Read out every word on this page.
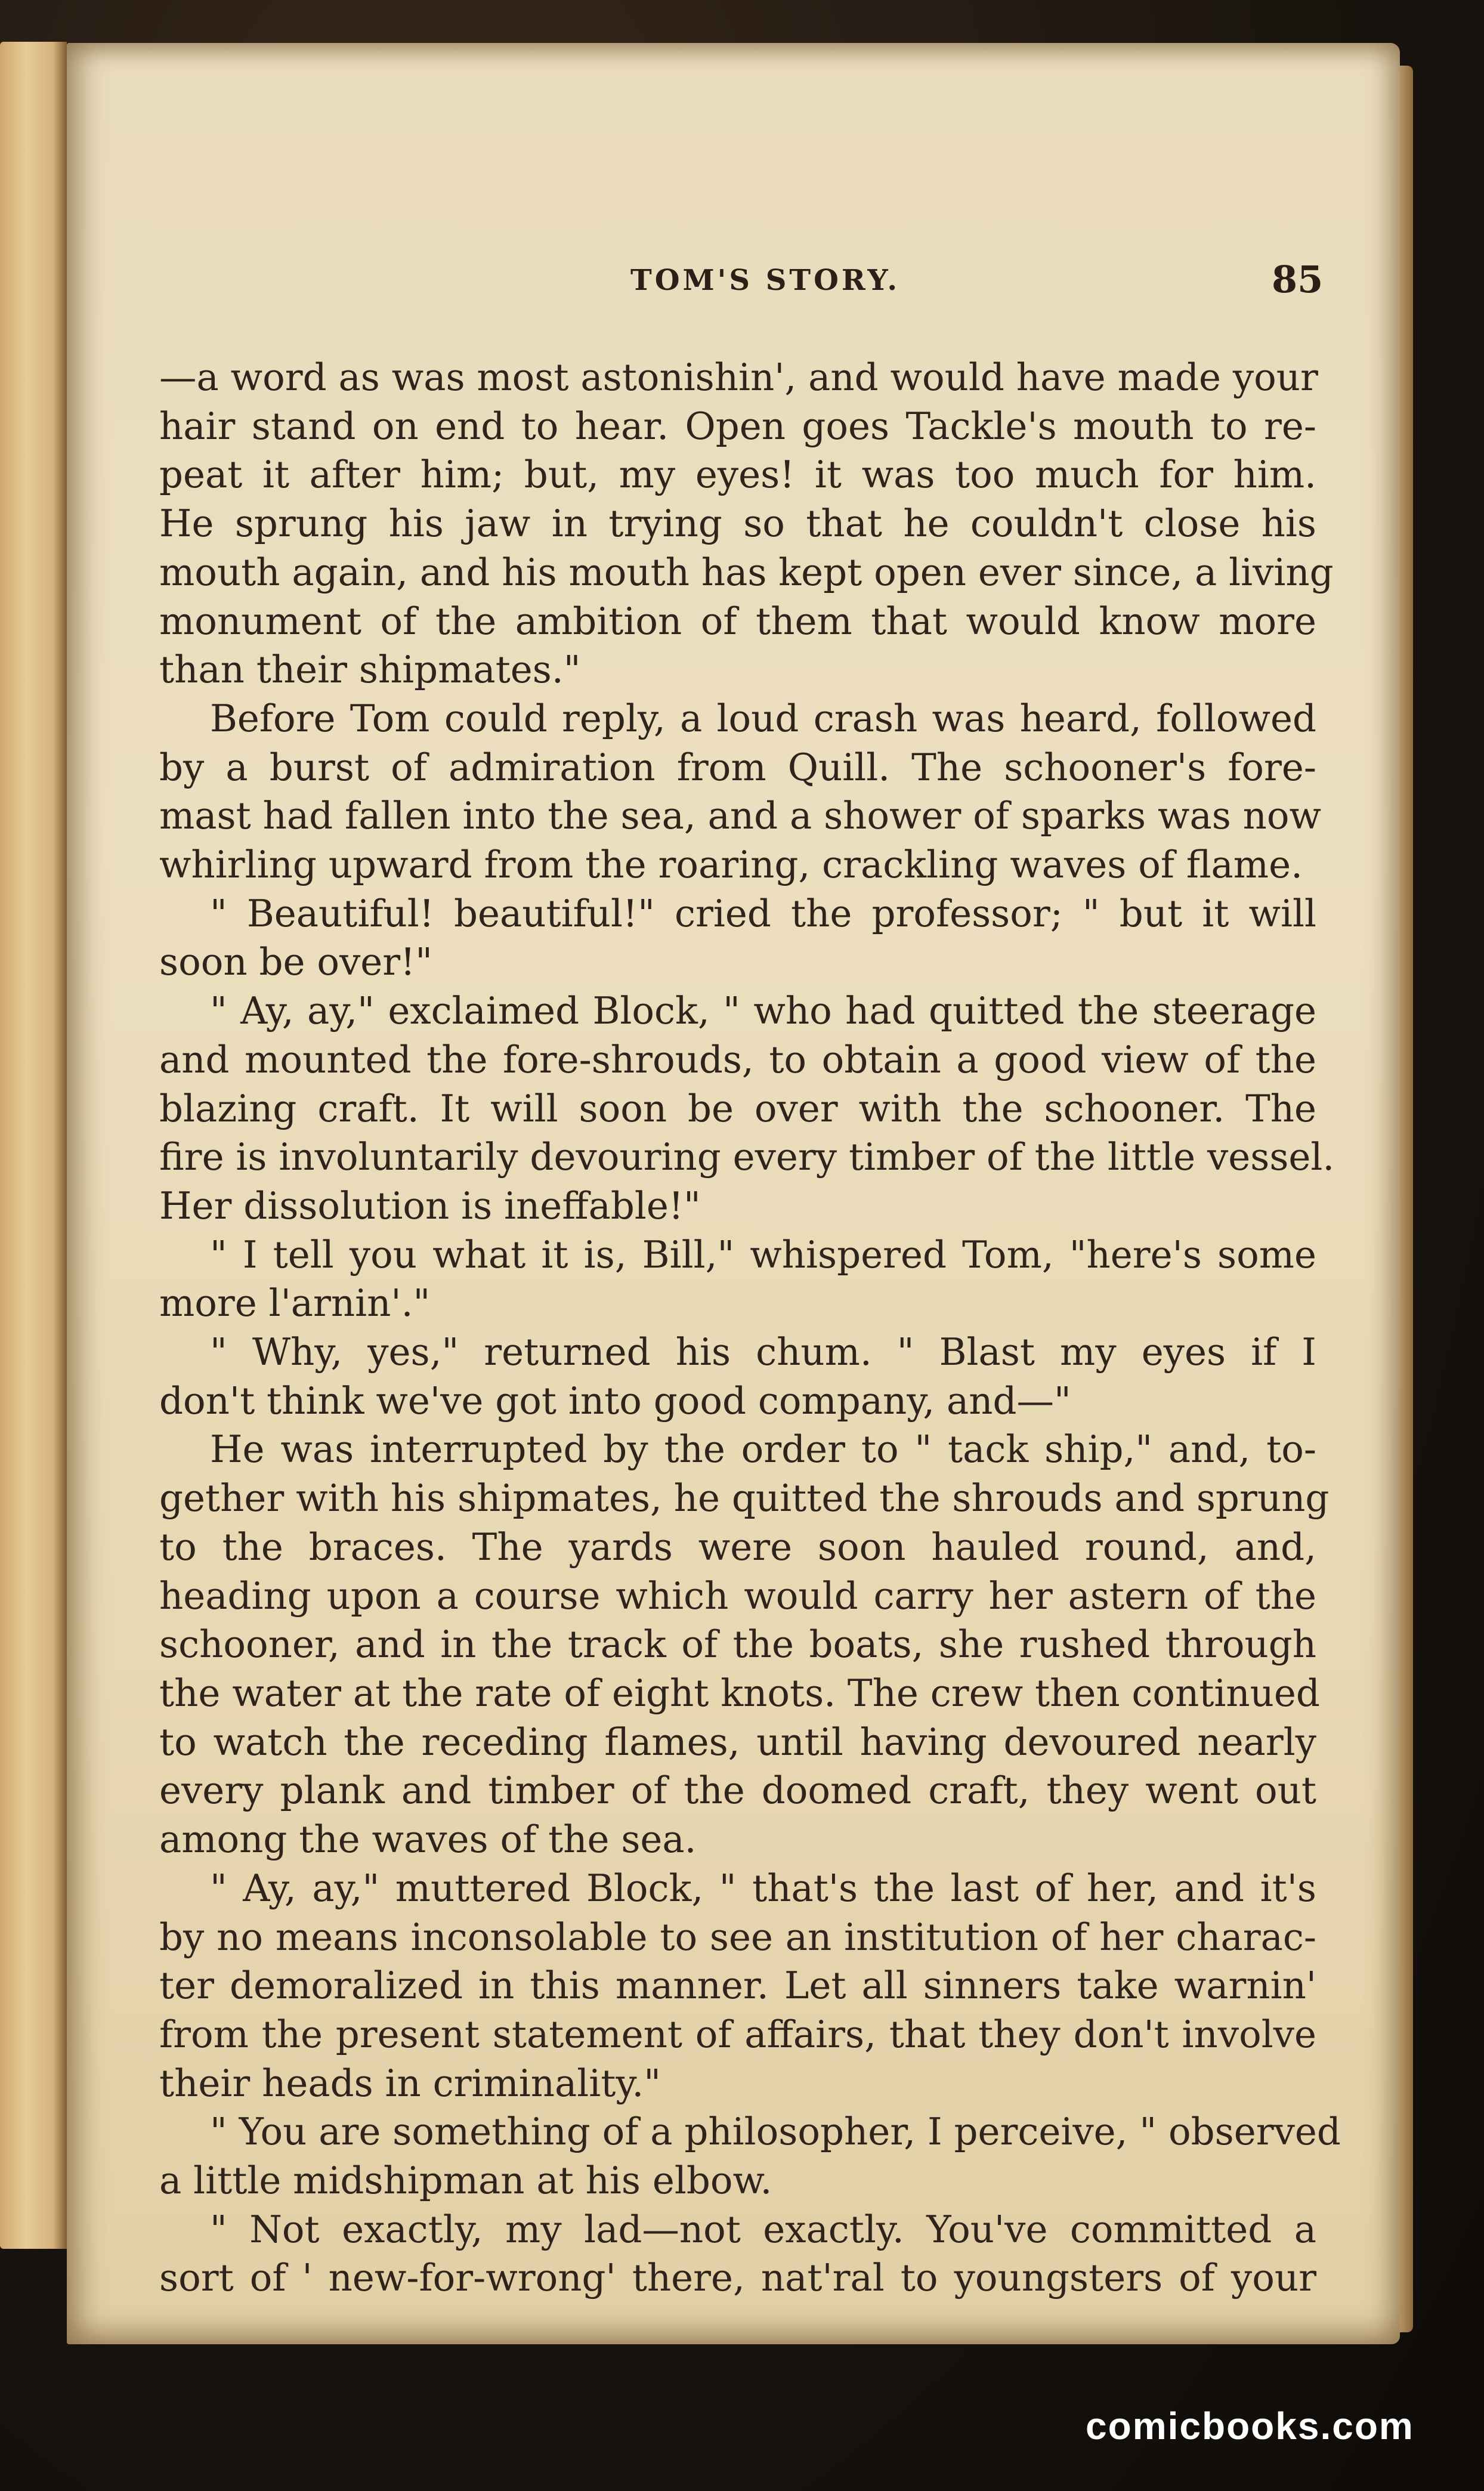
TOM'S STORY.	85
—a word as was most astonishin', and would have made your
hair stand on end to hear. Open goes Tackle's mouth to re-
peat it after him; but, my eyes! it was too much for him.
He sprung his jaw in trying so that he couldn't close his
mouth again, and his mouth has kept open ever since, a living
monument of the ambition of them that would know more
than their shipmates."
Before Tom could reply, a loud crash was heard, followed
by a burst of admiration from Quill. The schooner's fore-
mast had fallen into the sea, and a shower of sparks was now
whirling upward from the roaring, crackling waves of flame.
" Beautiful! beautiful!" cried the professor; " but it will
soon be over!"
" Ay, ay," exclaimed Block, " who had quitted the steerage
and mounted the fore-shrouds, to obtain a good view of the
blazing craft. It will soon be over with the schooner. The
fire is involuntarily devouring every timber of the little vessel.
Her dissolution is ineffable!"
" I tell you what it is, Bill," whispered Tom, "here's some
more l'arnin'."
" Why, yes," returned his chum. " Blast my eyes if I
don't think we've got into good company, and—"
He was interrupted by the order to " tack ship," and, to-
gether with his shipmates, he quitted the shrouds and sprung
to the braces. The yards were soon hauled round, and,
heading upon a course which would carry her astern of the
schooner, and in the track of the boats, she rushed through
the water at the rate of eight knots. The crew then continued
to watch the receding flames, until having devoured nearly
every plank and timber of the doomed craft, they went out
among the waves of the sea.
" Ay, ay," muttered Block, " that's the last of her, and it's
by no means inconsolable to see an institution of her charac-
ter demoralized in this manner. Let all sinners take warnin'
from the present statement of affairs, that they don't involve
their heads in criminality."
" You are something of a philosopher, I perceive, " observed
a little midshipman at his elbow.
" Not exactly, my lad—not exactly. You've committed a
sort of ' new-for-wrong' there, nat'ral to youngsters of your
comicbooks.com
